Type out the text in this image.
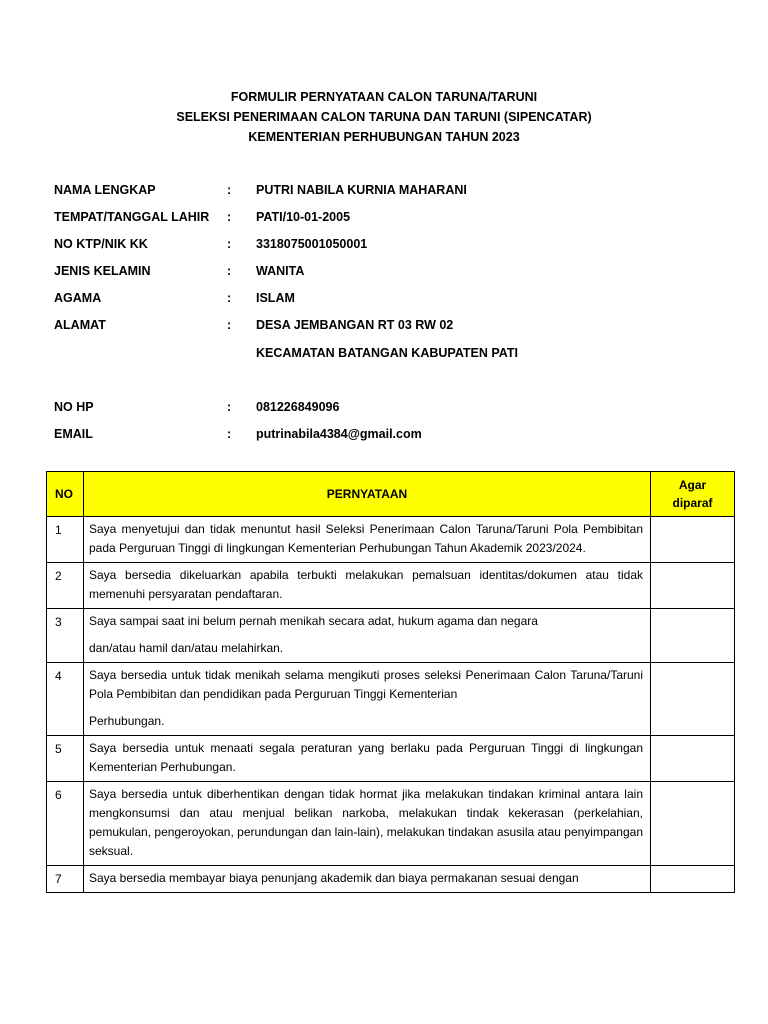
FORMULIR PERNYATAAN CALON TARUNA/TARUNI
SELEKSI PENERIMAAN CALON TARUNA DAN TARUNI (SIPENCATAR)
KEMENTERIAN PERHUBUNGAN TAHUN 2023
NAMA LENGKAP	: PUTRI NABILA KURNIA MAHARANI
TEMPAT/TANGGAL LAHIR : PATI/10-01-2005
NO KTP/NIK KK	: 3318075001050001
JENIS KELAMIN	: WANITA
AGAMA	: ISLAM
ALAMAT	: DESA JEMBANGAN RT 03 RW 02
KECAMATAN BATANGAN KABUPATEN PATI
NO HP	: 081226849096
EMAIL	: putrinabila4384@gmail.com
NO	PERNYATAAN	Agar
diparaf
1	Saya menyetujui dan tidak menuntut hasil Seleksi Penerimaan Calon Taruna/Taruni Pola Pembibitan pada Perguruan Tinggi di lingkungan Kementerian Perhubungan Tahun Akademik 2023/2024.	
2	Saya bersedia dikeluarkan apabila terbukti melakukan pemalsuan identitas/dokumen atau tidak memenuhi persyaratan pendaftaran.	
3	Saya sampai saat ini belum pernah menikah secara adat, hukum agama dan negara
dan/atau hamil dan/atau melahirkan.	
4	Saya bersedia untuk tidak menikah selama mengikuti proses seleksi Penerimaan Calon Taruna/Taruni Pola Pembibitan dan pendidikan pada Perguruan Tinggi Kementerian
Perhubungan.	
5	Saya bersedia untuk menaati segala peraturan yang berlaku pada Perguruan Tinggi di lingkungan Kementerian Perhubungan.	
6	Saya bersedia untuk diberhentikan dengan tidak hormat jika melakukan tindakan kriminal antara lain mengkonsumsi dan atau menjual belikan narkoba, melakukan tindak kekerasan (perkelahian, pemukulan, pengeroyokan, perundungan dan lain-lain), melakukan tindakan asusila atau penyimpangan seksual.	
7	Saya bersedia membayar biaya penunjang akademik dan biaya permakanan sesuai dengan	
